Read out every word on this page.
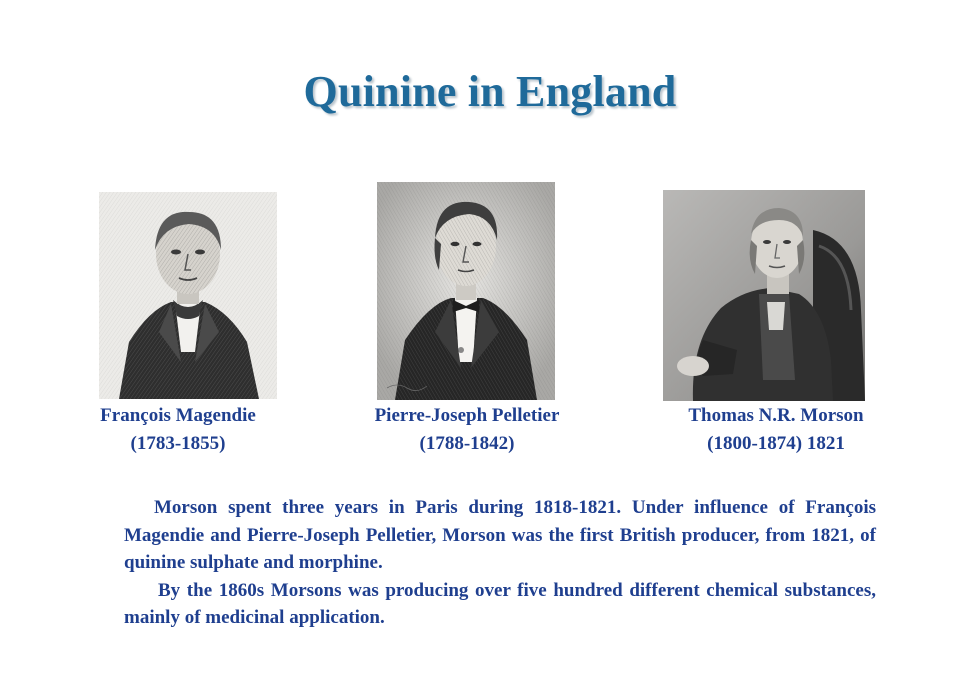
Quinine in England
François Magendie
(1783-1855)
Pierre-Joseph Pelletier
(1788-1842)
Thomas N.R. Morson
(1800-1874) 1821
Morson spent three years in Paris during 1818-1821. Under influence of François Magendie and Pierre-Joseph Pelletier, Morson was the first British producer, from 1821, of quinine sulphate and morphine.
By the 1860s Morsons was producing over five hundred different chemical substances, mainly of medicinal application.
